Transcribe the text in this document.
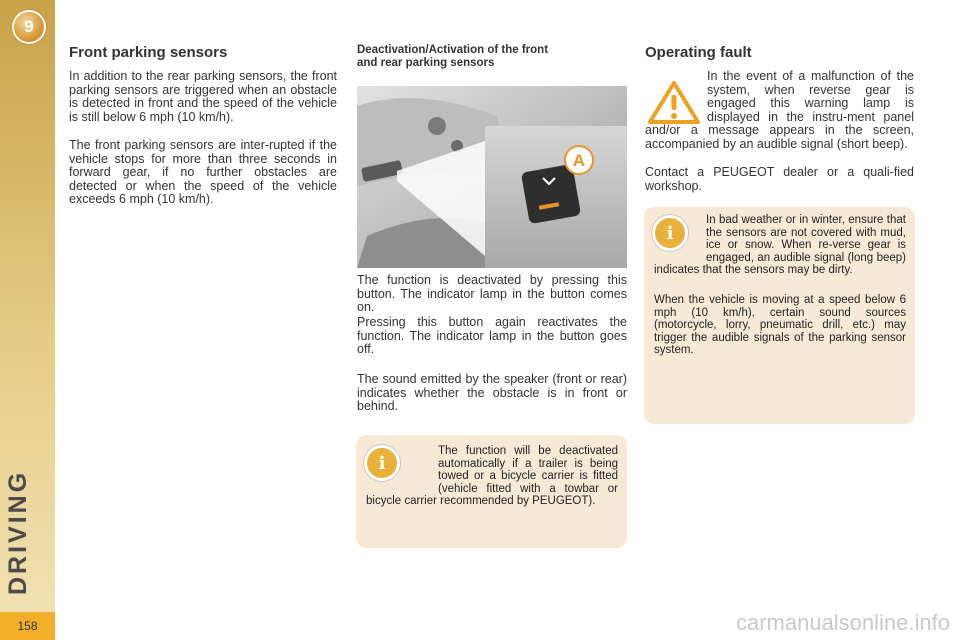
9
DRIVING
158
Front parking sensors

In addition to the rear parking sensors, the front parking sensors are triggered when an obstacle is detected in front and the speed of the vehicle is still below 6 mph (10 km/h).

The front parking sensors are inter-rupted if the vehicle stops for more than three seconds in forward gear, if no further obstacles are detected or when the speed of the vehicle exceeds 6 mph (10 km/h).

Deactivation/Activation of the front
and rear parking sensors
A

The function is deactivated by pressing this button. The indicator lamp in the button comes on.

Pressing this button again reactivates the function. The indicator lamp in the button goes off.

The sound emitted by the speaker (front or rear) indicates whether the obstacle is in front or behind.

i

The function will be deactivated automatically if a trailer is being towed or a bicycle carrier is fitted (vehicle fitted with a towbar or bicycle carrier recommended by PEUGEOT).

Operating fault

In the event of a malfunction of the system, when reverse gear is engaged this warning lamp is displayed in the instru-ment panel and/or a message appears in the screen, accompanied by an audible signal (short beep).

Contact a PEUGEOT dealer or a quali-fied workshop.

i

In bad weather or in winter, ensure that the sensors are not covered with mud, ice or snow. When re-verse gear is engaged, an audible signal (long beep) indicates that the sensors may be dirty.

When the vehicle is moving at a speed below 6 mph (10 km/h), certain sound sources (motorcycle, lorry, pneumatic drill, etc.) may trigger the audible signals of the parking sensor system.

carmanualsonline.info
